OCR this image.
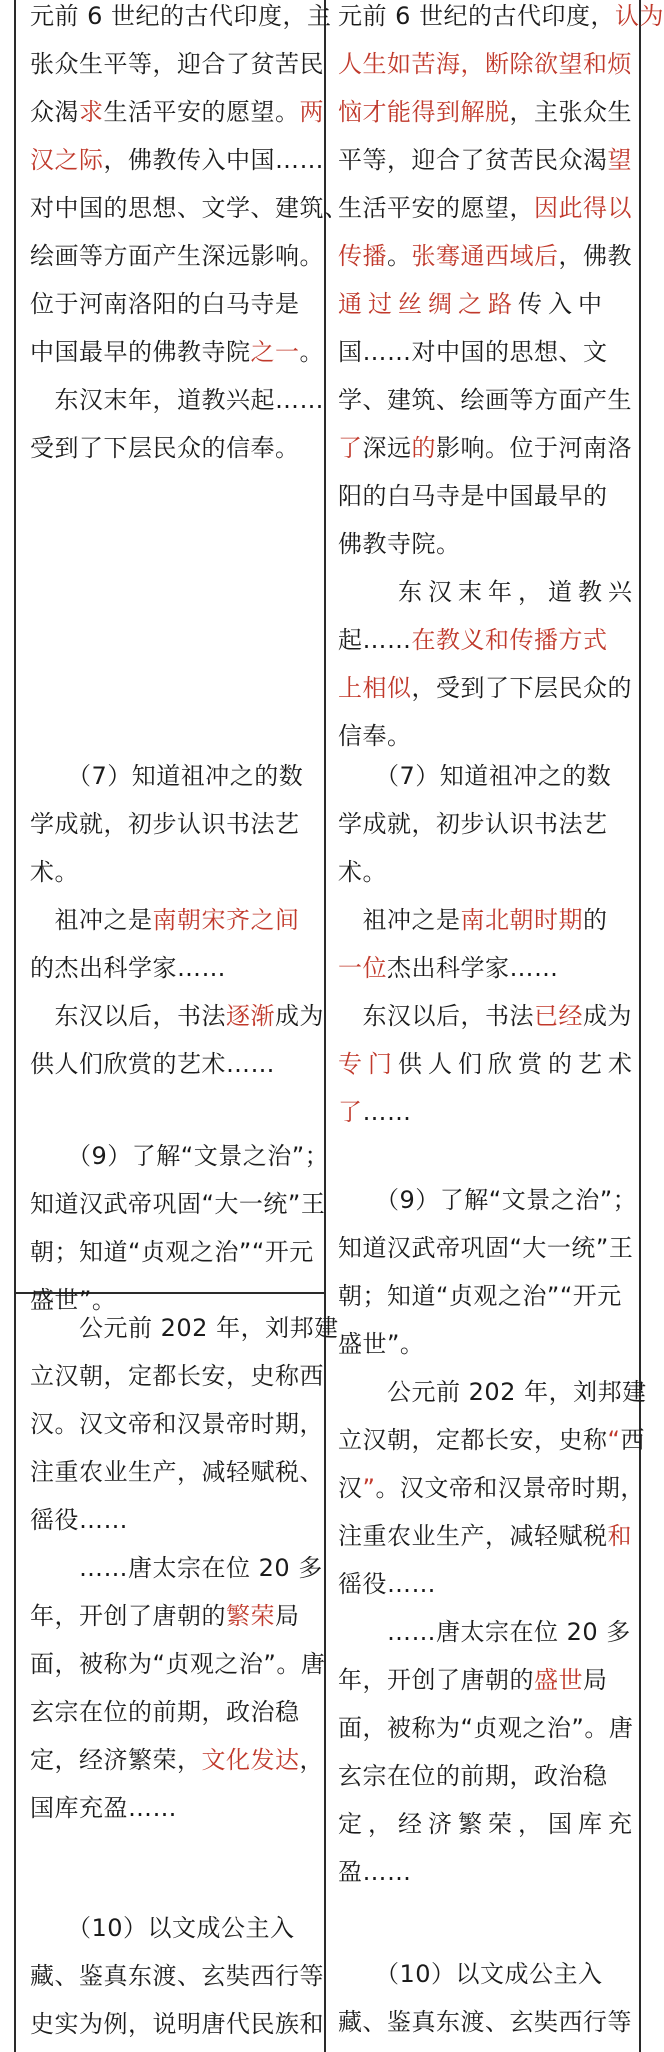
元前 6 世纪的古代印度，主
张众生平等，迎合了贫苦民
众渴求生活平安的愿望。两
汉之际，佛教传入中国……
对中国的思想、文学、建筑、
绘画等方面产生深远影响。
位于河南洛阳的白马寺是
中国最早的佛教寺院之一。
　东汉末年，道教兴起……
受到了下层民众的信奉。
　　（7）知道祖冲之的数
学成就，初步认识书法艺
术。
　祖冲之是南朝宋齐之间
的杰出科学家……
　东汉以后，书法逐渐成为
供人们欣赏的艺术……
　　（9）了解“文景之治”；
知道汉武帝巩固“大一统”王
朝；知道“贞观之治”“开元
盛世”。
　　公元前 202 年，刘邦建
立汉朝，定都长安，史称西
汉。汉文帝和汉景帝时期，
注重农业生产，减轻赋税、
徭役……
　　……唐太宗在位 20 多
年，开创了唐朝的繁荣局
面，被称为“贞观之治”。唐
玄宗在位的前期，政治稳
定，经济繁荣，文化发达，
国库充盈……
　　（10）以文成公主入
藏、鉴真东渡、玄奘西行等
史实为例，说明唐代民族和
元前 6 世纪的古代印度，认为
人生如苦海，断除欲望和烦
恼才能得到解脱，主张众生
平等，迎合了贫苦民众渴望
生活平安的愿望，因此得以
传播。张骞通西域后，佛教
通过丝绸之路传入中
国……对中国的思想、文
学、建筑、绘画等方面产生
了深远的影响。位于河南洛
阳的白马寺是中国最早的
佛教寺院。
　　东汉末年，道教兴
起……在教义和传播方式
上相似，受到了下层民众的
信奉。
　　（7）知道祖冲之的数
学成就，初步认识书法艺
术。
　祖冲之是南北朝时期的
一位杰出科学家……
　东汉以后，书法已经成为
专门供人们欣赏的艺术
了……
　　（9）了解“文景之治”；
知道汉武帝巩固“大一统”王
朝；知道“贞观之治”“开元
盛世”。
　　公元前 202 年，刘邦建
立汉朝，定都长安，史称“西
汉”。汉文帝和汉景帝时期，
注重农业生产，减轻赋税和
徭役……
　　……唐太宗在位 20 多
年，开创了唐朝的盛世局
面，被称为“贞观之治”。唐
玄宗在位的前期，政治稳
定，经济繁荣，国库充
盈……
　　（10）以文成公主入
藏、鉴真东渡、玄奘西行等
